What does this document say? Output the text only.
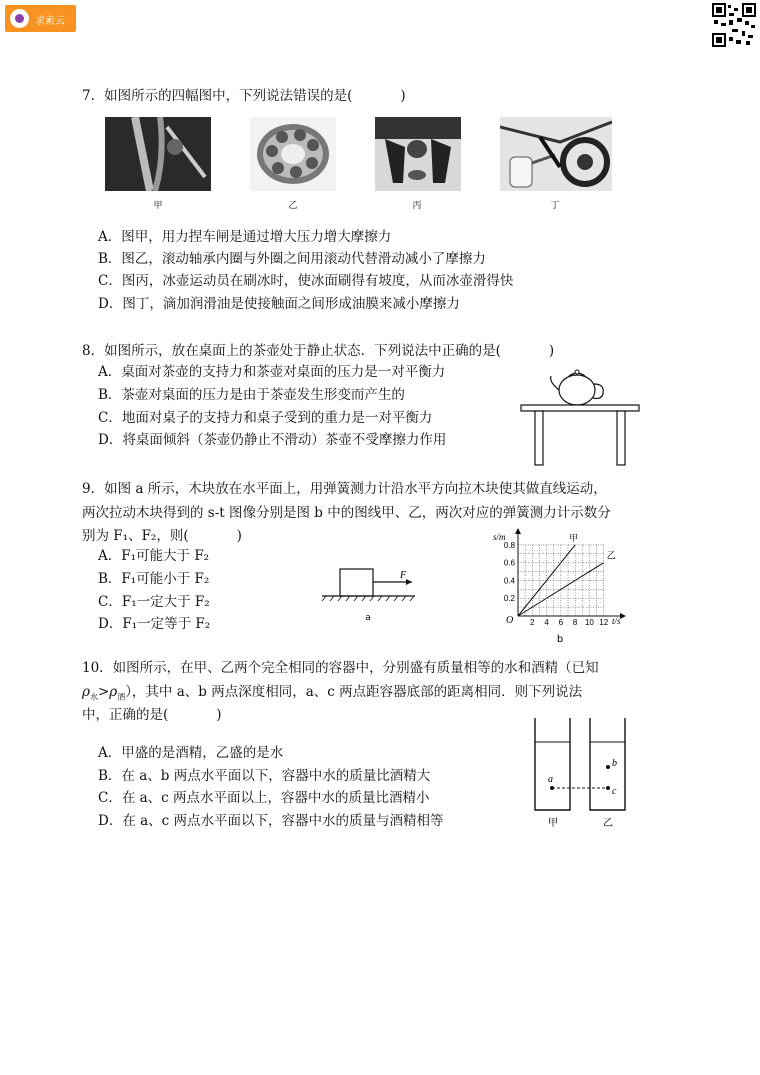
求索云
7．如图所示的四幅图中，下列说法错误的是(	)
甲	乙	丙	丁
A．图甲，用力捏车闸是通过增大压力增大摩擦力
B．图乙，滚动轴承内圈与外圈之间用滚动代替滑动减小了摩擦力
C．图丙，冰壶运动员在刷冰时，使冰面刷得有坡度，从而冰壶滑得快
D．图丁，滴加润滑油是使接触面之间形成油膜来减小摩擦力
8．如图所示，放在桌面上的茶壶处于静止状态．下列说法中正确的是(	)
A．桌面对茶壶的支持力和茶壶对桌面的压力是一对平衡力
B．茶壶对桌面的压力是由于茶壶发生形变而产生的
C．地面对桌子的支持力和桌子受到的重力是一对平衡力
D．将桌面倾斜（茶壶仍静止不滑动）茶壶不受摩擦力作用
9．如图 a 所示，木块放在水平面上，用弹簧测力计沿水平方向拉木块使其做直线运动，
两次拉动木块得到的 s-t 图像分别是图 b 中的图线甲、乙，两次对应的弹簧测力计示数分
别为 F₁、F₂，则(	)
A．F₁可能大于 F₂
B．F₁可能小于 F₂
C．F₁一定大于 F₂
D．F₁一定等于 F₂
F
a	2 4 6 8 10 12
0.2
0.4
0.6
0.8
甲
乙
s/m
t/s
O
b
10．如图所示，在甲、乙两个完全相同的容器中，分别盛有质量相等的水和酒精（已知
$\rho_水>\rho_酒$），其中 a、b 两点深度相同，a、c 两点距容器底部的距离相同．则下列说法
中，正确的是(	)
A．甲盛的是酒精，乙盛的是水
B．在 a、b 两点水平面以下，容器中水的质量比酒精大
C．在 a、c 两点水平面以上，容器中水的质量比酒精小
D．在 a、c 两点水平面以下，容器中水的质量与酒精相等
a
b
c
甲	乙
